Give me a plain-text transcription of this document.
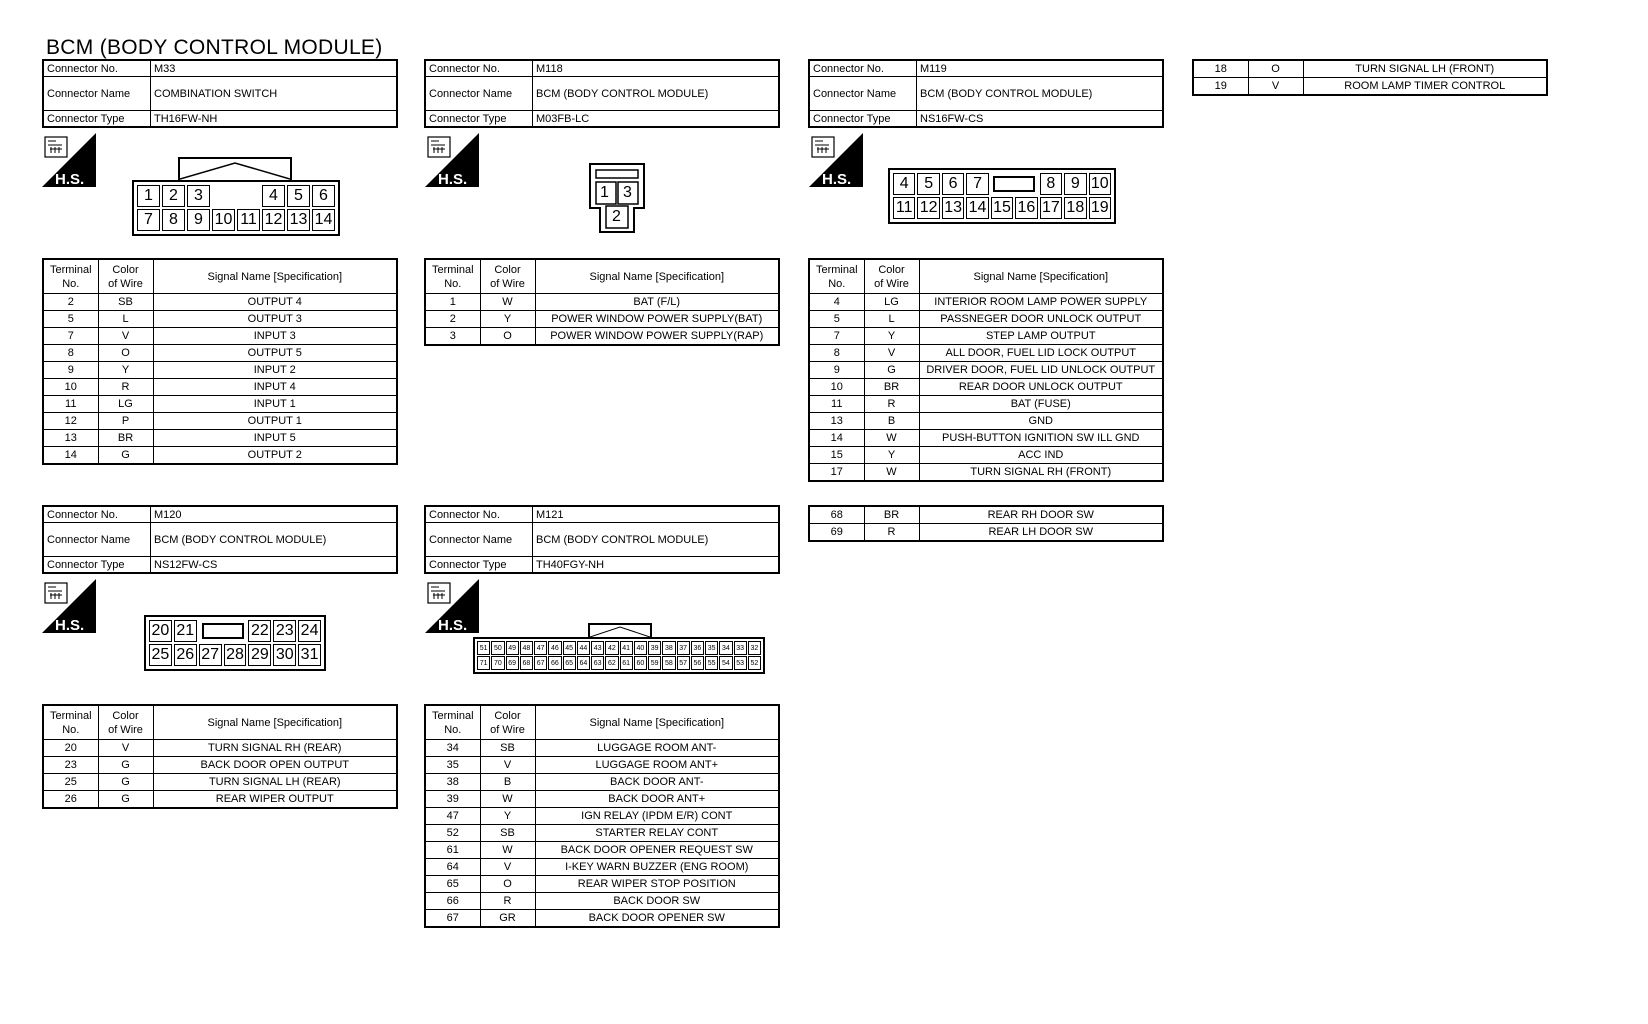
BCM (BODY CONTROL MODULE)
Connector No.	M33
Connector Name	COMBINATION SWITCH
Connector Type	TH16FW-NH
H.S.
1	2	3	4	5	6
7	8	9 10 11 12 13 14
Terminal
No.	Color
of Wire	Signal Name [Specification]
2	SB	OUTPUT 4
5	L	OUTPUT 3
7	V	INPUT 3
8	O	OUTPUT 5
9	Y	INPUT 2
10	R	INPUT 4
11	LG	INPUT 1
12	P	OUTPUT 1
13	BR	INPUT 5
14	G	OUTPUT 2
Connector No.	M118
Connector Name	BCM (BODY CONTROL MODULE)
Connector Type	M03FB-LC
H.S.
1 3
2
Terminal
No.	Color
of Wire	Signal Name [Specification]
1	W	BAT (F/L)
2	Y	POWER WINDOW POWER SUPPLY(BAT)
3	O	POWER WINDOW POWER SUPPLY(RAP)
Connector No.	M119
Connector Name	BCM (BODY CONTROL MODULE)
Connector Type	NS16FW-CS
H.S.	4 5 6 7	8 9 10
11 12 13 14 15 16 17 18 19
Terminal
No.	Color
of Wire	Signal Name [Specification]
4	LG	INTERIOR ROOM LAMP POWER SUPPLY
5	L	PASSNEGER DOOR UNLOCK OUTPUT
7	Y	STEP LAMP OUTPUT
8	V	ALL DOOR, FUEL LID LOCK OUTPUT
9	G	DRIVER DOOR, FUEL LID UNLOCK OUTPUT
10	BR	REAR DOOR UNLOCK OUTPUT
11	R	BAT (FUSE)
13	B	GND
14	W	PUSH-BUTTON IGNITION SW ILL GND
15	Y	ACC IND
17	W	TURN SIGNAL RH (FRONT)
18	O	TURN SIGNAL LH (FRONT)
19	V	ROOM LAMP TIMER CONTROL
Connector No.	M120
Connector Name	BCM (BODY CONTROL MODULE)
Connector Type	NS12FW-CS
H.S.	20 21	22 23 24
25 26 27 28 29 30 31
Terminal
No.	Color
of Wire	Signal Name [Specification]
20	V	TURN SIGNAL RH (REAR)
23	G	BACK DOOR OPEN OUTPUT
25	G	TURN SIGNAL LH (REAR)
26	G	REAR WIPER OUTPUT
Connector No.	M121
Connector Name	BCM (BODY CONTROL MODULE)
Connector Type	TH40FGY-NH
H.S.
51 50 49 48 47 46 45 44 43 42 41 40 39 38 37 36 35 34 33 32
71 70 69 68 67 66 65 64 63 62 61 60 59 58 57 56 55 54 53 52
Terminal
No.	Color
of Wire	Signal Name [Specification]
34	SB	LUGGAGE ROOM ANT-
35	V	LUGGAGE ROOM ANT+
38	B	BACK DOOR ANT-
39	W	BACK DOOR ANT+
47	Y	IGN RELAY (IPDM E/R) CONT
52	SB	STARTER RELAY CONT
61	W	BACK DOOR OPENER REQUEST SW
64	V	I-KEY WARN BUZZER (ENG ROOM)
65	O	REAR WIPER STOP POSITION
66	R	BACK DOOR SW
67	GR	BACK DOOR OPENER SW
68	BR	REAR RH DOOR SW
69	R	REAR LH DOOR SW
